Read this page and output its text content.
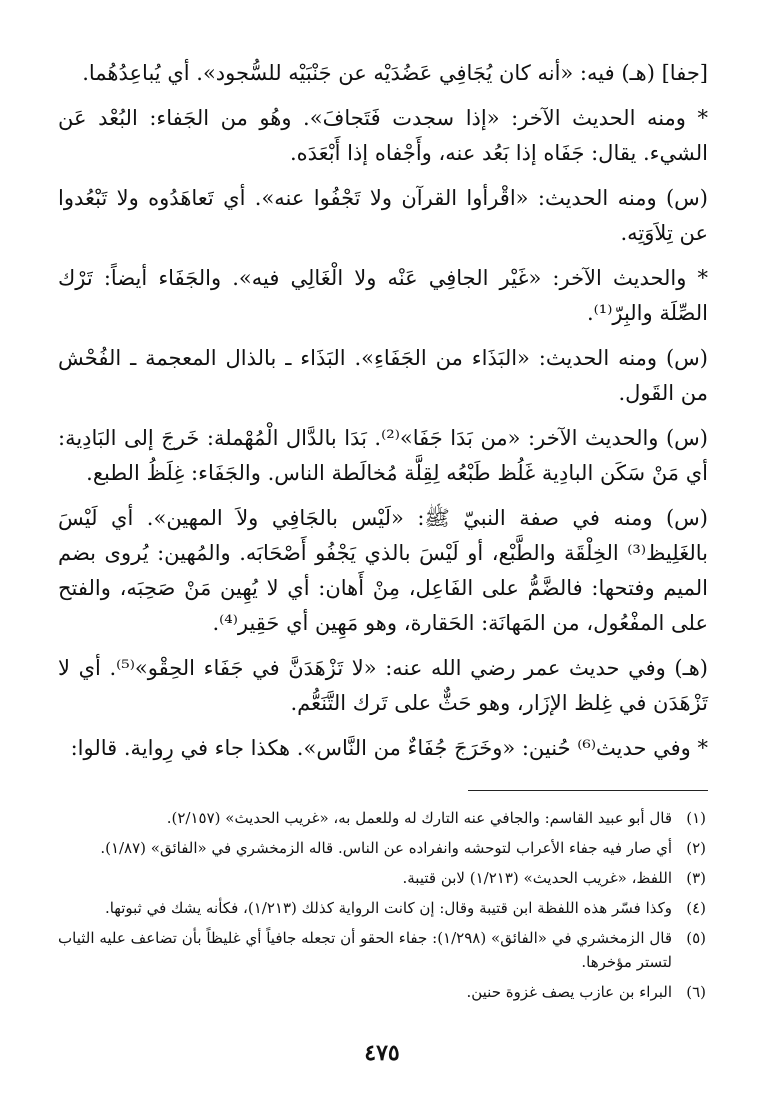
[جفا] (هـ) فيه: «أنه كان يُجَافِي عَضُدَيْه عن جَنْبَيْه للسُّجود». أي يُباعِدُهُما.

* ومنه الحديث الآخر: «إذا سجدت فَتَجافَ». وهُو من الجَفاء: البُعْد عَن الشيء. يقال: جَفَاه إذا بَعُد عنه، وأَجْفاه إذا أَبْعَدَه.

(س) ومنه الحديث: «اقْرأوا القرآن ولا تَجْفُوا عنه». أي تَعاهَدُوه ولا تَبْعُدوا عن تِلاَوَتِه.

* والحديث الآخر: «غَيْر الجافِي عَنْه ولا الْغَالِي فيه». والجَفَاء أيضاً: تَرْك الصِّلَة والبِرّ⁽¹⁾.

(س) ومنه الحديث: «البَذَاء من الجَفَاءِ». البَذَاء ـ بالذال المعجمة ـ الفُحْش من القَول.

(س) والحديث الآخر: «من بَدَا جَفَا»⁽²⁾. بَدَا بالدَّال الْمُهْملة: خَرجَ إلى البَادِية: أي مَنْ سَكَن البادِية غَلُظ طَبْعُه لِقِلَّة مُخالَطة الناس. والجَفَاء: غِلَظُ الطبع.

(س) ومنه في صفة النبيّ ﷺ: «لَيْس بالجَافِي ولاَ المهين». أي لَيْسَ بالغَلِيظ⁽³⁾ الخِلْقَة والطَّبْع، أو لَيْسَ بالذي يَجْفُو أَصْحَابَه. والمُهين: يُروى بضم الميم وفتحها: فالضَّمُّ على الفَاعِل، مِنْ أَهان: أي لا يُهِين مَنْ صَحِبَه، والفتح على المفْعُول، من المَهانَة: الحَقارة، وهو مَهِين أي حَقِير⁽⁴⁾.

(هـ) وفي حديث عمر رضي الله عنه: «لا تَزْهَدَنَّ في جَفَاء الحِقْو»⁽⁵⁾. أي لا تَزْهَدَن في غِلظ الإزَار، وهو حَثٌّ على تَرك التَّنَعُّم.

* وفي حديث⁽⁶⁾ حُنين: «وخَرَجَ جُفَاءٌ من النَّاس». هكذا جاء في رِواية. قالوا:

(١)
قال أبو عبيد القاسم: والجافي عنه التارك له وللعمل به، «غريب الحديث» (٢/١٥٧).
(٢)
أي صار فيه جفاء الأعراب لتوحشه وانفراده عن الناس. قاله الزمخشري في «الفائق» (١/٨٧).
(٣)
اللفظ، «غريب الحديث» (١/٢١٣) لابن قتيبة.
(٤)
وكذا فسّر هذه اللفظة ابن قتيبة وقال: إن كانت الرواية كذلك (١/٢١٣)، فكأنه يشك في ثبوتها.
(٥)
قال الزمخشري في «الفائق» (١/٢٩٨): جفاء الحقو أن تجعله جافياً أي غليظاً بأن تضاعف عليه الثياب لتستر مؤخرها.
(٦)
البراء بن عازب يصف غزوة حنين.
٤٧٥
